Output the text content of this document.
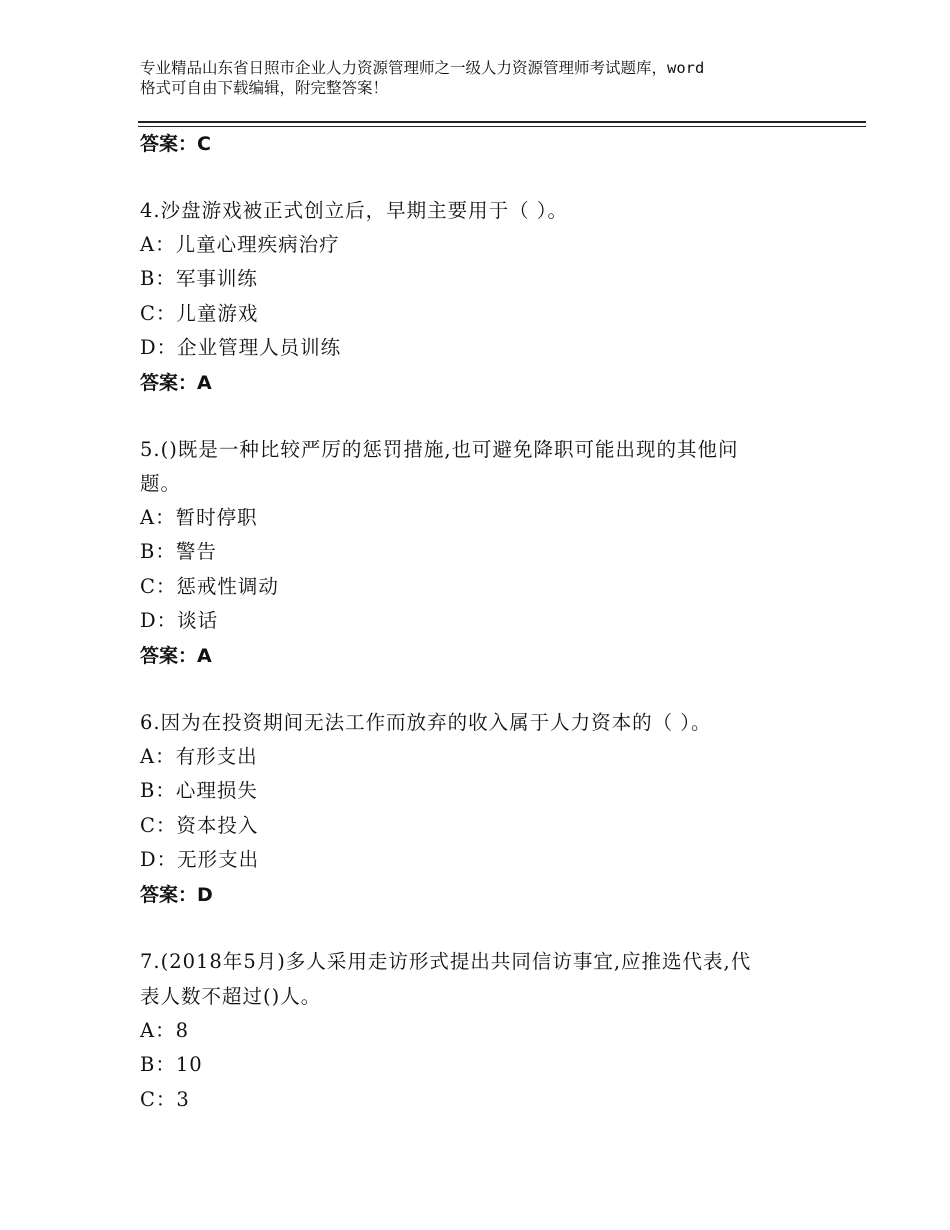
专业精品山东省日照市企业人力资源管理师之一级人力资源管理师考试题库，word
格式可自由下载编辑，附完整答案！
答案：C
4.沙盘游戏被正式创立后，早期主要用于（ ）。
A：儿童心理疾病治疗
B：军事训练
C：儿童游戏
D：企业管理人员训练
答案：A
5.()既是一种比较严厉的惩罚措施,也可避免降职可能出现的其他问
题。
A：暂时停职
B：警告
C：惩戒性调动
D：谈话
答案：A
6.因为在投资期间无法工作而放弃的收入属于人力资本的（ ）。
A：有形支出
B：心理损失
C：资本投入
D：无形支出
答案：D
7.(2018年5月)多人采用走访形式提出共同信访事宜,应推选代表,代
表人数不超过()人。
A：8
B：10
C：3
